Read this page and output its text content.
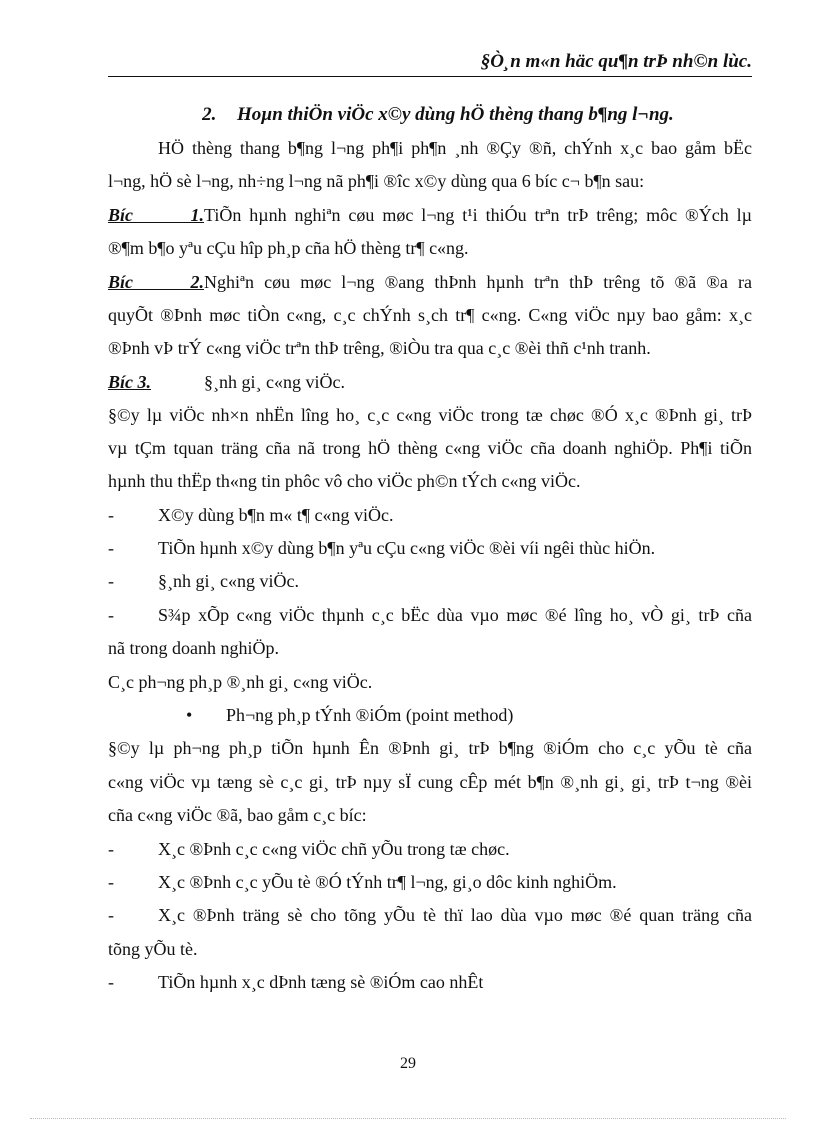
§Ò¸n m«n häc qu¶n trÞ nh©n lùc.
2. Hoµn thiÖn viÖc x©y dùng hÖ thèng thang b¶ng l¬ng.
HÖ thèng thang b¶ng l¬ng ph¶i ph¶n ¸nh ®Çy ®ñ, chÝnh x¸c bao gåm bËc
l¬ng, hÖ sè l¬ng, nh÷ng l¬ng nã ph¶i ®îc x©y dùng qua 6 bíc c¬ b¶n sau:
Bíc 1.TiÕn hµnh nghiªn cøu møc l¬ng t¹i thiÓu trªn trÞ trêng; môc ®Ých lµ
®¶m b¶o yªu cÇu hîp ph¸p cña hÖ thèng tr¶ c«ng.
Bíc 2.Nghiªn cøu møc l¬ng ®ang thÞnh hµnh trªn thÞ trêng tõ ®ã ®a ra
quyÕt ®Þnh møc tiÒn c«ng, c¸c chÝnh s¸ch tr¶ c«ng. C«ng viÖc nµy bao gåm: x¸c
®Þnh vÞ trÝ c«ng viÖc trªn thÞ trêng, ®iÒu tra qua c¸c ®èi thñ c¹nh tranh.
Bíc 3.	§¸nh gi¸ c«ng viÖc.
§©y lµ viÖc nh×n nhËn lîng ho¸ c¸c c«ng viÖc trong tæ chøc ®Ó x¸c ®Þnh gi¸ trÞ
vµ tÇm tquan träng cña nã trong hÖ thèng c«ng viÖc cña doanh nghiÖp. Ph¶i tiÕn
hµnh thu thËp th«ng tin phôc vô cho viÖc ph©n tÝch c«ng viÖc.
- X©y dùng b¶n m« t¶ c«ng viÖc.
- TiÕn hµnh x©y dùng b¶n yªu cÇu c«ng viÖc ®èi víi ngêi thùc hiÖn.
- §¸nh gi¸ c«ng viÖc.
- S¾p xÕp c«ng viÖc thµnh c¸c bËc dùa vµo møc ®é lîng ho¸ vÒ gi¸ trÞ cña
nã trong doanh nghiÖp.
C¸c ph¬ng ph¸p ®¸nh gi¸ c«ng viÖc.
• Ph¬ng ph¸p tÝnh ®iÓm (point method)
§©y lµ ph¬ng ph¸p tiÕn hµnh Ên ®Þnh gi¸ trÞ b¶ng ®iÓm cho c¸c yÕu tè cña
c«ng viÖc vµ tæng sè c¸c gi¸ trÞ nµy sÏ cung cÊp mét b¶n ®¸nh gi¸ gi¸ trÞ t¬ng ®èi
cña c«ng viÖc ®ã, bao gåm c¸c bíc:
- X¸c ®Þnh c¸c c«ng viÖc chñ yÕu trong tæ chøc.
- X¸c ®Þnh c¸c yÕu tè ®Ó tÝnh tr¶ l¬ng, gi¸o dôc kinh nghiÖm.
- X¸c ®Þnh träng sè cho tõng yÕu tè thï lao dùa vµo møc ®é quan träng cña
tõng yÕu tè.
- TiÕn hµnh x¸c dÞnh tæng sè ®iÓm cao nhÊt
29
